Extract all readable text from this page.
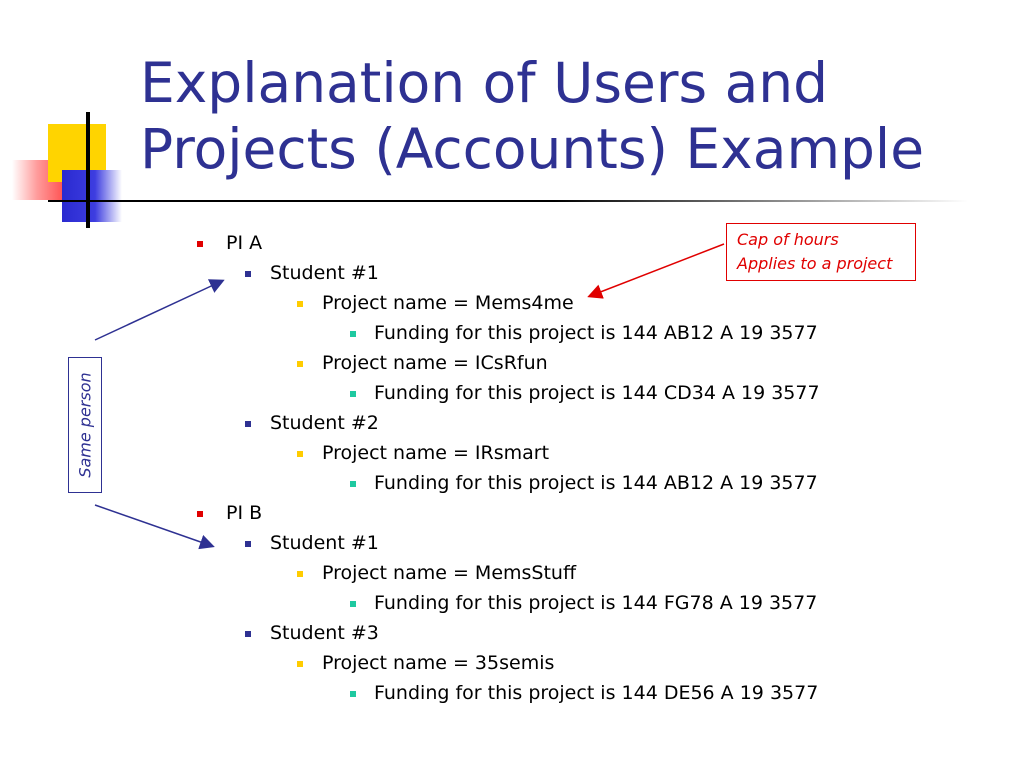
Explanation of Users and Projects (Accounts) Example
PI A
Student #1
Project name = Mems4me
Funding for this project is 144 AB12 A 19 3577
Project name = ICsRfun
Funding for this project is 144 CD34 A 19 3577
Student #2
Project name = IRsmart
Funding for this project is 144 AB12 A 19 3577
PI B
Student #1
Project name = MemsStuff
Funding for this project is 144 FG78 A 19 3577
Student #3
Project name = 35semis
Funding for this project is 144 DE56 A 19 3577
Cap of hours
Applies to a project
Same person
